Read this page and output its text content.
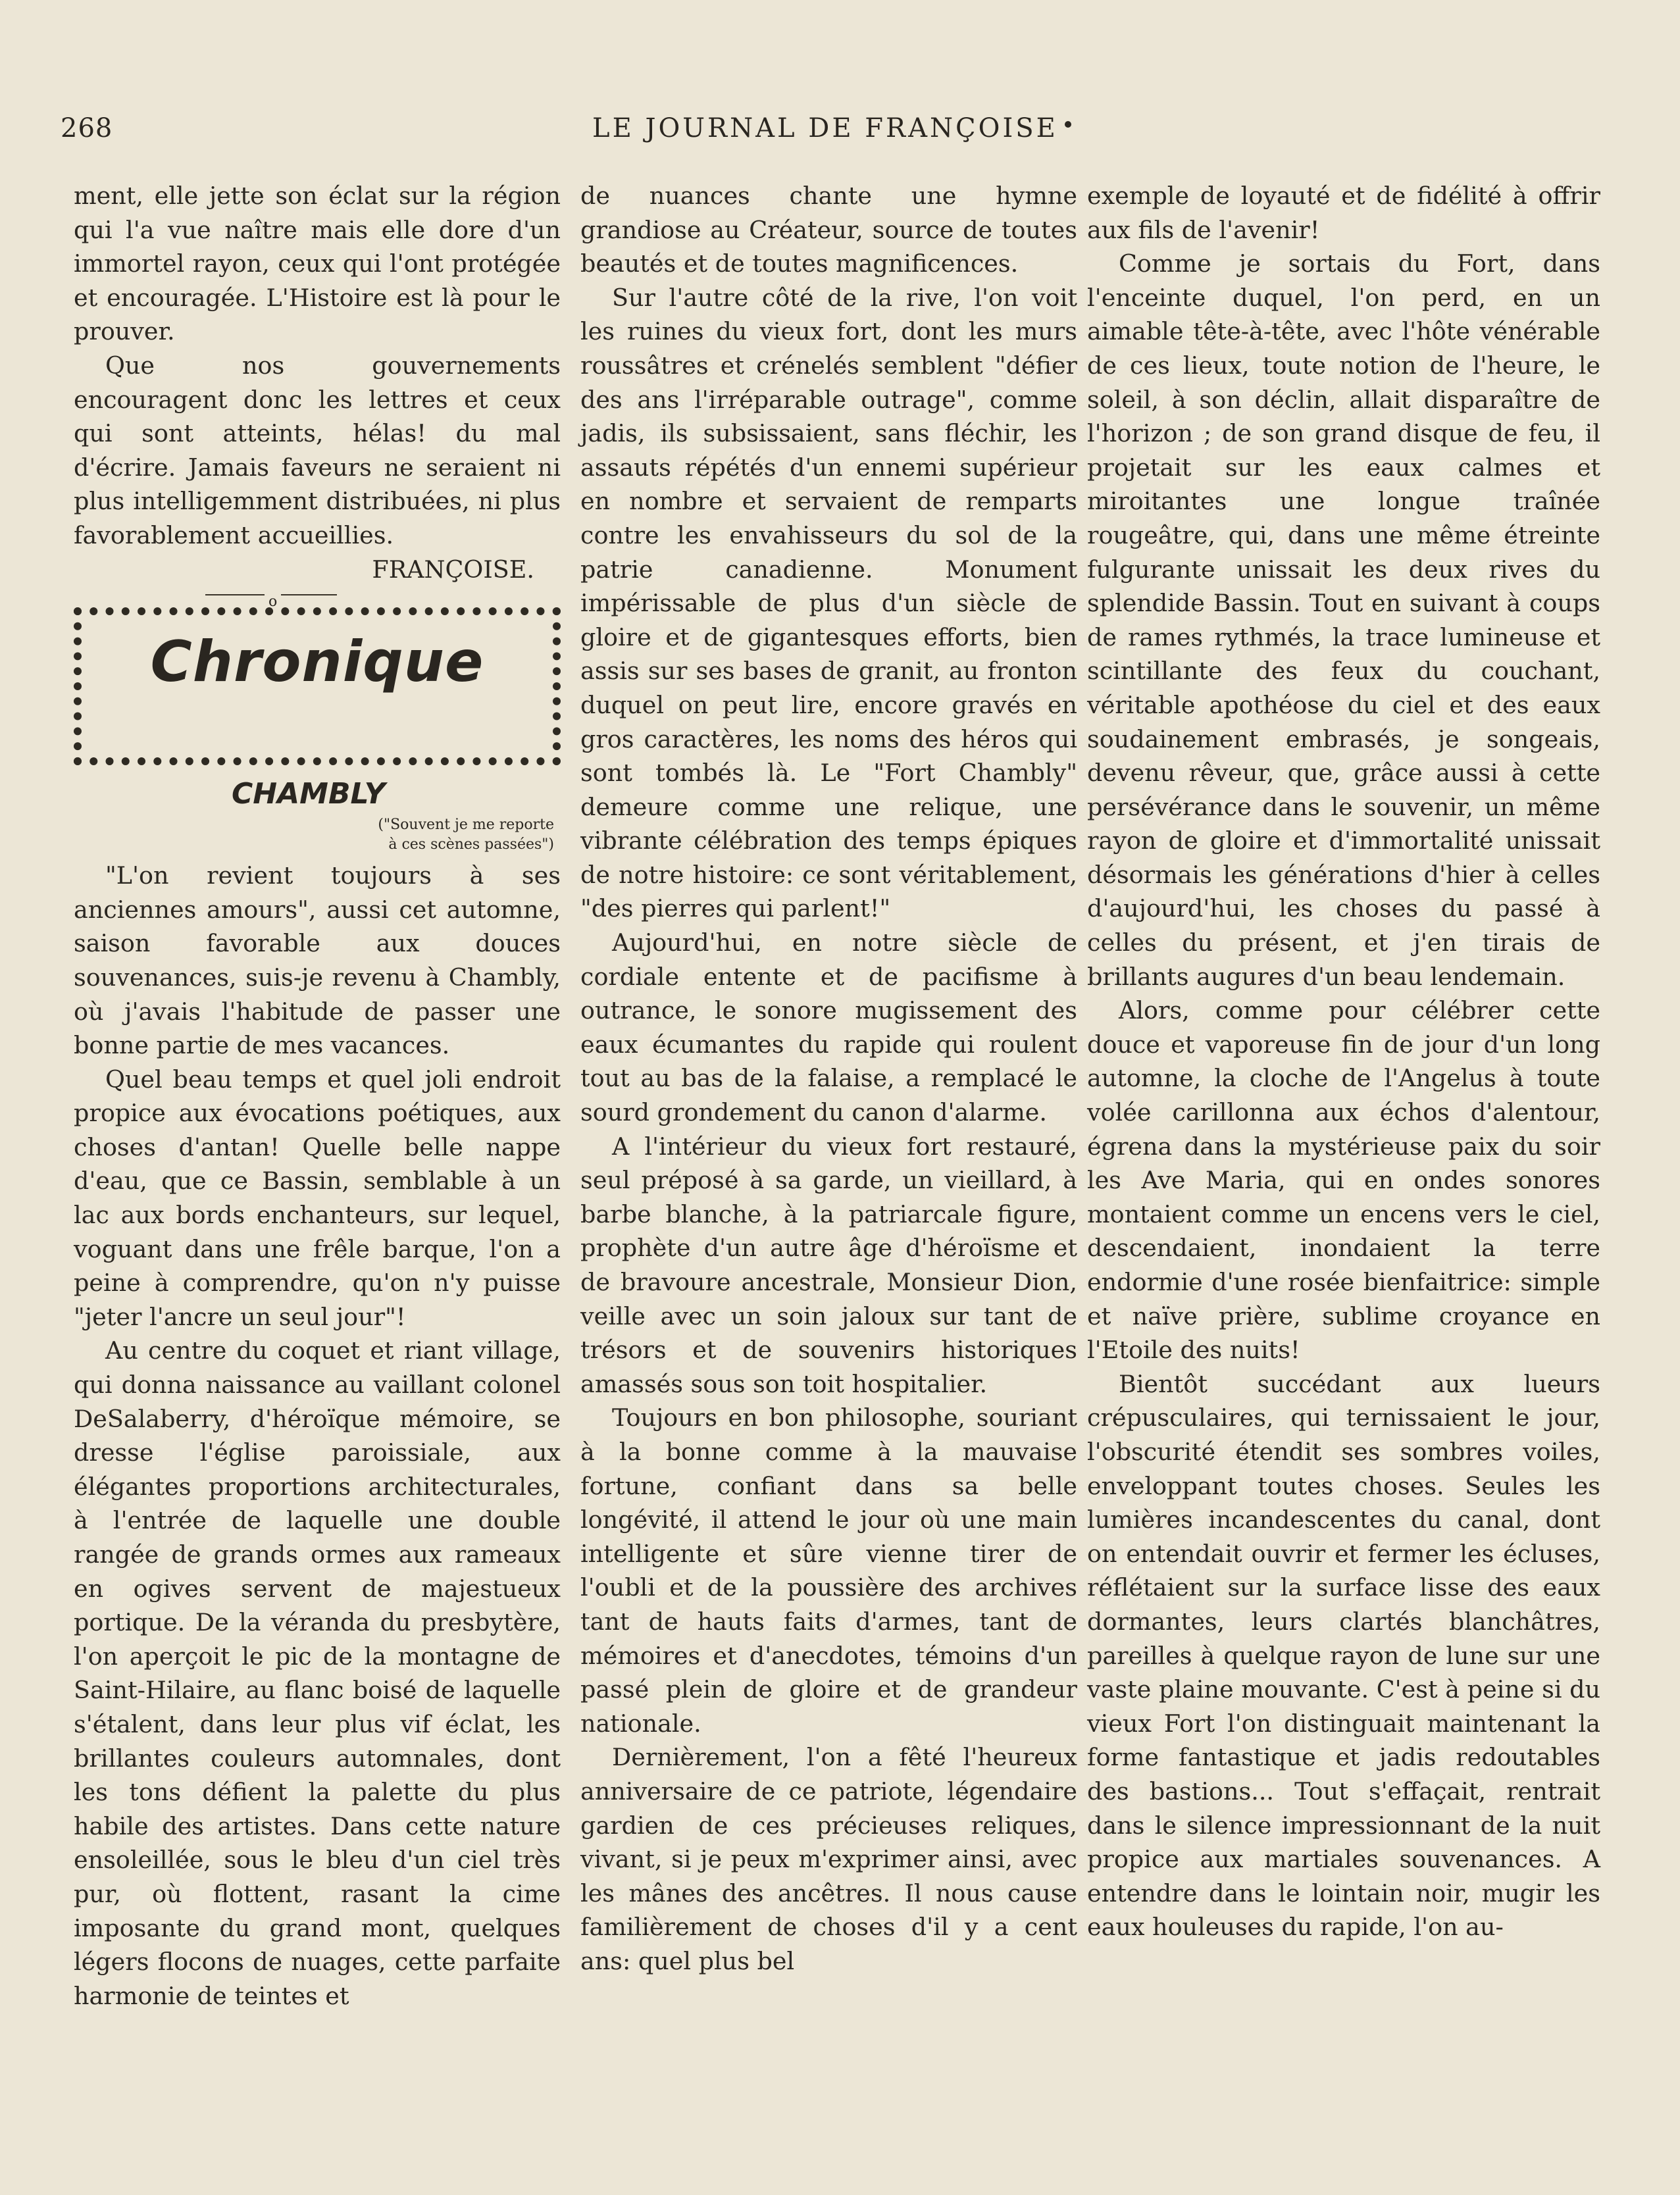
268	LE JOURNAL DE FRANÇOISE

ment, elle jette son éclat sur la région qui l'a vue naître mais elle dore d'un immortel rayon, ceux qui l'ont protégée et encouragée. L'Histoire est là pour le prouver.

Que nos gouvernements encouragent donc les lettres et ceux qui sont atteints, hélas! du mal d'écrire. Jamais faveurs ne seraient ni plus intelligemment distribuées, ni plus favorablement accueillies.

FRANÇOISE.

o
Chronique

CHAMBLY

("Souvent je me reporte
à ces scènes passées")

"L'on revient toujours à ses anciennes amours", aussi cet automne, saison favorable aux douces souvenances, suis-je revenu à Chambly, où j'avais l'habitude de passer une bonne partie de mes vacances.

Quel beau temps et quel joli endroit propice aux évocations poétiques, aux choses d'antan! Quelle belle nappe d'eau, que ce Bassin, semblable à un lac aux bords enchanteurs, sur lequel, voguant dans une frêle barque, l'on a peine à comprendre, qu'on n'y puisse "jeter l'ancre un seul jour"!

Au centre du coquet et riant village, qui donna naissance au vaillant colonel DeSalaberry, d'héroïque mémoire, se dresse l'église paroissiale, aux élégantes proportions architecturales, à l'entrée de laquelle une double rangée de grands ormes aux rameaux en ogives servent de majestueux portique. De la véranda du presbytère, l'on aperçoit le pic de la montagne de Saint-Hilaire, au flanc boisé de laquelle s'étalent, dans leur plus vif éclat, les brillantes couleurs automnales, dont les tons défient la palette du plus habile des artistes. Dans cette nature ensoleillée, sous le bleu d'un ciel très pur, où flottent, rasant la cime imposante du grand mont, quelques légers flocons de nuages, cette parfaite harmonie de teintes et

de nuances chante une hymne grandiose au Créateur, source de toutes beautés et de toutes magnificences.

Sur l'autre côté de la rive, l'on voit les ruines du vieux fort, dont les murs roussâtres et crénelés semblent "défier des ans l'irréparable outrage", comme jadis, ils subsissaient, sans fléchir, les assauts répétés d'un ennemi supérieur en nombre et servaient de remparts contre les envahisseurs du sol de la patrie canadienne. Monument impérissable de plus d'un siècle de gloire et de gigantesques efforts, bien assis sur ses bases de granit, au fronton duquel on peut lire, encore gravés en gros caractères, les noms des héros qui sont tombés là. Le "Fort Chambly" demeure comme une relique, une vibrante célébration des temps épiques de notre histoire: ce sont véritablement, "des pierres qui parlent!"

Aujourd'hui, en notre siècle de cordiale entente et de pacifisme à outrance, le sonore mugissement des eaux écumantes du rapide qui roulent tout au bas de la falaise, a remplacé le sourd grondement du canon d'alarme.

A l'intérieur du vieux fort restauré, seul préposé à sa garde, un vieillard, à barbe blanche, à la patriarcale figure, prophète d'un autre âge d'héroïsme et de bravoure ancestrale, Monsieur Dion, veille avec un soin jaloux sur tant de trésors et de souvenirs historiques amassés sous son toit hospitalier.

Toujours en bon philosophe, souriant à la bonne comme à la mauvaise fortune, confiant dans sa belle longévité, il attend le jour où une main intelligente et sûre vienne tirer de l'oubli et de la poussière des archives tant de hauts faits d'armes, tant de mémoires et d'anecdotes, témoins d'un passé plein de gloire et de grandeur nationale.

Dernièrement, l'on a fêté l'heureux anniversaire de ce patriote, légendaire gardien de ces précieuses reliques, vivant, si je peux m'exprimer ainsi, avec les mânes des ancêtres. Il nous cause familièrement de choses d'il y a cent ans: quel plus bel

exemple de loyauté et de fidélité à offrir aux fils de l'avenir!

Comme je sortais du Fort, dans l'enceinte duquel, l'on perd, en un aimable tête-à-tête, avec l'hôte vénérable de ces lieux, toute notion de l'heure, le soleil, à son déclin, allait disparaître de l'horizon ; de son grand disque de feu, il projetait sur les eaux calmes et miroitantes une longue traînée rougeâtre, qui, dans une même étreinte fulgurante unissait les deux rives du splendide Bassin. Tout en suivant à coups de rames rythmés, la trace lumineuse et scintillante des feux du couchant, véritable apothéose du ciel et des eaux soudainement embrasés, je songeais, devenu rêveur, que, grâce aussi à cette persévérance dans le souvenir, un même rayon de gloire et d'immortalité unissait désormais les générations d'hier à celles d'aujourd'hui, les choses du passé à celles du présent, et j'en tirais de brillants augures d'un beau lendemain.

Alors, comme pour célébrer cette douce et vaporeuse fin de jour d'un long automne, la cloche de l'Angelus à toute volée carillonna aux échos d'alentour, égrena dans la mystérieuse paix du soir les Ave Maria, qui en ondes sonores montaient comme un encens vers le ciel, descendaient, inondaient la terre endormie d'une rosée bienfaitrice: simple et naïve prière, sublime croyance en l'Etoile des nuits!

Bientôt succédant aux lueurs crépusculaires, qui ternissaient le jour, l'obscurité étendit ses sombres voiles, enveloppant toutes choses. Seules les lumières incandescentes du canal, dont on entendait ouvrir et fermer les écluses, réflétaient sur la surface lisse des eaux dormantes, leurs clartés blanchâtres, pareilles à quelque rayon de lune sur une vaste plaine mouvante. C'est à peine si du vieux Fort l'on distinguait maintenant la forme fantastique et jadis redoutables des bastions... Tout s'effaçait, rentrait dans le silence impressionnant de la nuit propice aux martiales souvenances. A entendre dans le lointain noir, mugir les eaux houleuses du rapide, l'on au-
